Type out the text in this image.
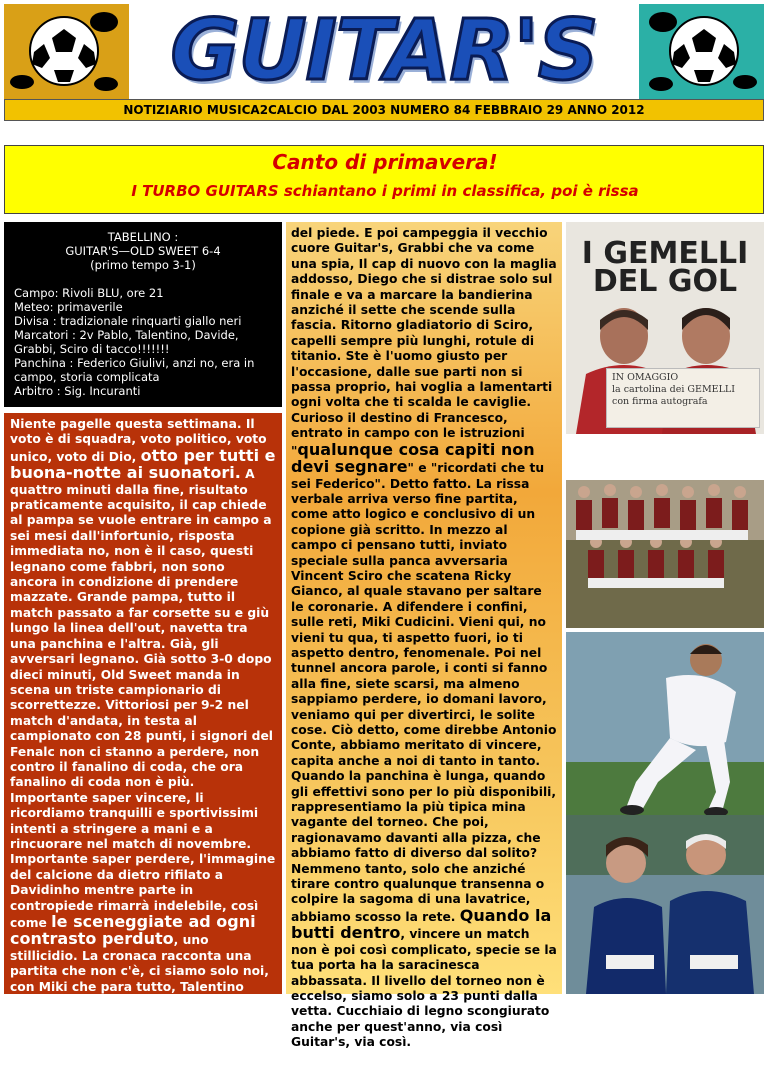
GUITAR'S
NOTIZIARIO MUSICA2CALCIO DAL 2003 NUMERO 84 FEBBRAIO 29 ANNO 2012
Canto di primavera!
I TURBO GUITARS schiantano i primi in classifica, poi è rissa
TABELLINO :
GUITAR'S—OLD SWEET 6-4
(primo tempo 3-1)
Campo: Rivoli BLU, ore 21
Meteo: primaverile
Divisa : tradizionale rinquarti giallo neri
Marcatori : 2v Pablo, Talentino, Davide, Grabbi, Sciro di tacco!!!!!!!
Panchina : Federico Giulivi, anzi no, era in campo, storia complicata
Arbitro : Sig. Incuranti
Niente pagelle questa settimana. Il voto è di squadra, voto politico, voto unico, voto di Dio, otto per tutti e buona-notte ai suonatori. A quattro minuti dalla fine, risultato praticamente acquisito, il cap chiede al pampa se vuole entrare in campo a sei mesi dall'infortunio, risposta immediata no, non è il caso, questi legnano come fabbri, non sono ancora in condizione di prendere mazzate. Grande pampa, tutto il match passato a far corsette su e giù lungo la linea dell'out, navetta tra una panchina e l'altra. Già, gli avversari legnano. Già sotto 3-0 dopo dieci minuti, Old Sweet manda in scena un triste campionario di scorrettezze. Vittoriosi per 9-2 nel match d'andata, in testa al campionato con 28 punti, i signori del Fenalc non ci stanno a perdere, non contro il fanalino di coda, che ora fanalino di coda non è più. Importante saper vincere, li ricordiamo tranquilli e sportivissimi intenti a stringere a mani e a rincuorare nel match di novembre. Importante saper perdere, l'immagine del calcione da dietro rifilato a Davidinho mentre parte in contropiede rimarrà indelebile, così come le sceneggiate ad ogni contrasto perduto, uno stillicidio. La cronaca racconta una partita che non c'è, ci siamo solo noi, con Miki che para tutto, Talentino che, passato da Rivoli, dà lezioni di calcio vero, Davide che con quarantadue cerotti attaccati alla schiena sciorina serpentine, Pablo che ha un laser al posto
del piede. E poi campeggia il vecchio cuore Guitar's, Grabbi che va come una spia, Il cap di nuovo con la maglia addosso, Diego che si distrae solo sul finale e va a marcare la bandierina anziché il sette che scende sulla fascia. Ritorno gladiatorio di Sciro, capelli sempre più lunghi, rotule di titanio. Ste è l'uomo giusto per l'occasione, dalle sue parti non si passa proprio, hai voglia a lamentarti ogni volta che ti scalda le caviglie. Curioso il destino di Francesco, entrato in campo con le istruzioni "qualunque cosa capiti non devi segnare" e "ricordati che tu sei Federico". Detto fatto. La rissa verbale arriva verso fine partita, come atto logico e conclusivo di un copione già scritto. In mezzo al campo ci pensano tutti, inviato speciale sulla panca avversaria Vincent Sciro che scatena Ricky Gianco, al quale stavano per saltare le coronarie. A difendere i confini, sulle reti, Miki Cudicini. Vieni qui, no vieni tu qua, ti aspetto fuori, io ti aspetto dentro, fenomenale. Poi nel tunnel ancora parole, i conti si fanno alla fine, siete scarsi, ma almeno sappiamo perdere, io domani lavoro, veniamo qui per divertirci, le solite cose. Ciò detto, come direbbe Antonio Conte, abbiamo meritato di vincere, capita anche a noi di tanto in tanto. Quando la panchina è lunga, quando gli effettivi sono per lo più disponibili, rappresentiamo la più tipica mina vagante del torneo. Che poi, ragionavamo davanti alla pizza, che abbiamo fatto di diverso dal solito? Nemmeno tanto, solo che anziché tirare contro qualunque transenna o colpire la sagoma di una lavatrice, abbiamo scosso la rete. Quando la butti dentro, vincere un match non è poi così complicato, specie se la tua porta ha la saracinesca abbassata. Il livello del torneo non è eccelso, siamo solo a 23 punti dalla vetta. Cucchiaio di legno scongiurato anche per quest'anno, via così Guitar's, via così.
I GEMELLI DEL GOL
IN OMAGGIO
la cartolina dei GEMELLI
con firma autografa
